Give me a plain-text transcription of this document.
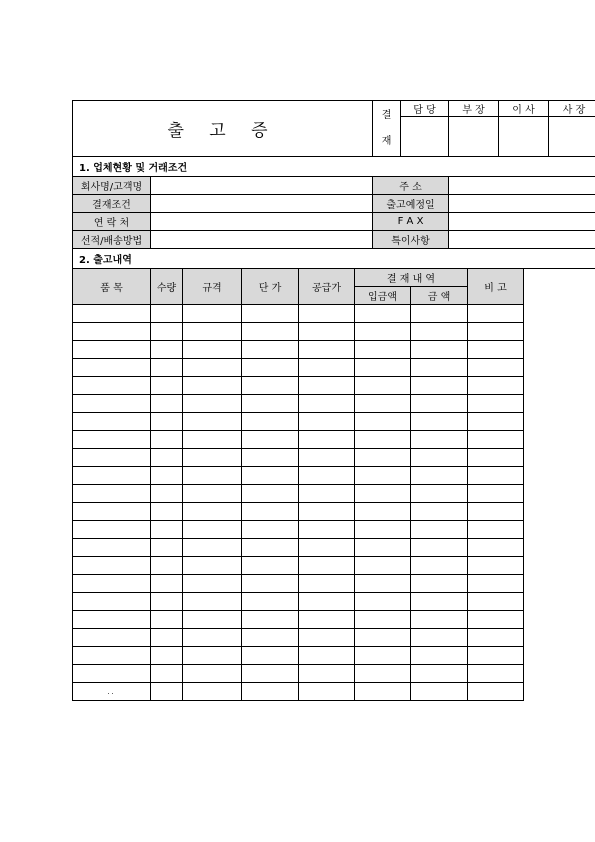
출 고 증		결
재	담 당	부 장	이 사	사 장

1. 업체현황 및 거래조건						
회사명/고객명		주 소				
결재조건		출고예정일				
연 락 처		F A X				
선적/배송방법		특이사항				
2. 출고내역						
품 목	수량	규격	단 가	공급가	결 재 내 역		비 고
					입금액	금 액	

..							
